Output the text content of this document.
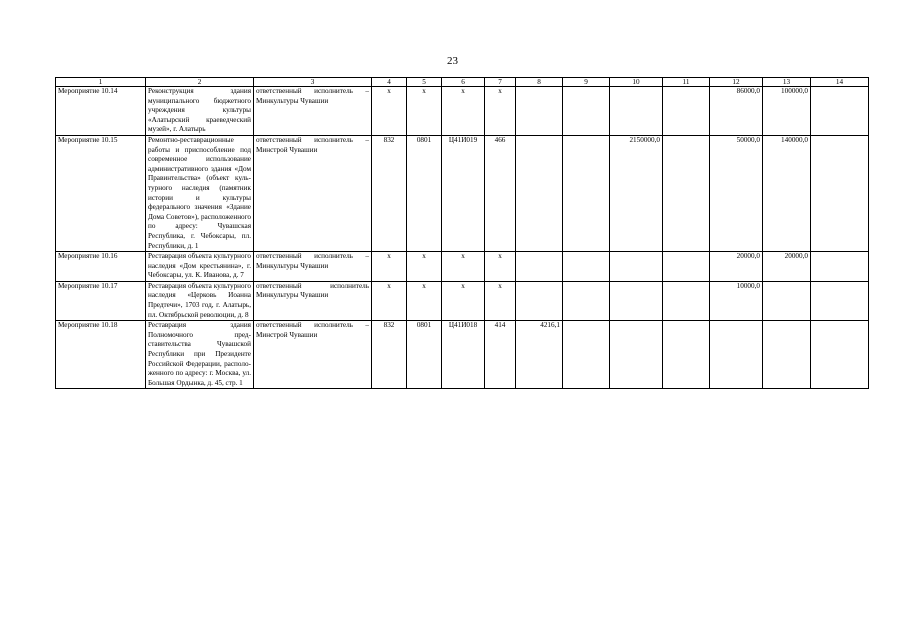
23
1	2	3	4	5	6	7	8	9	10	11	12	13	14
Мероприятие 10.14	Реконструкция здания муниципального бюджетного учреждения культуры «Алатырский краеведческий музей», г. Алатырь	ответственный исполнитель – Минкультуры Чувашии	x	x	x	x					86000,0	100000,0	
Мероприятие 10.15	Ремонтно-реставрационные работы и приспособление под современное использование административного здания «Дом Правинтельства» (объект культурного наследия (памятник истории и культуры федерального значения «Здание Дома Советов»), расположенного по адресу: Чувашская Республика, г. Чебоксары, пл. Республики, д. 1	ответственный исполнитель – Минстрой Чувашии	832	0801	Ц41И019	466			2150000,0		50000,0	140000,0	
Мероприятие 10.16	Реставрация объекта культурного наследия «Дом крестьянина», г. Чебоксары, ул. К. Иванова, д. 7	ответственный исполнитель – Минкультуры Чувашии	x	x	x	x					20000,0	20000,0	
Мероприятие 10.17	Реставрация объекта культурного наследия «Церковь Иоанна Предтечи», 1703 год, г. Алатырь, пл. Октябрьской революции, д. 8	ответственный исполнитель Минкультуры Чувашии	x	x	x	x					10000,0		
Мероприятие 10.18	Реставрация здания Полномочного представительства Чувашской Республики при Президенте Российской Федерации, расположенного по адресу: г. Москва, ул. Большая Ордынка, д. 45, стр. 1	ответственный исполнитель – Минстрой Чувашии	832	0801	Ц41И018	414	4216,1						
